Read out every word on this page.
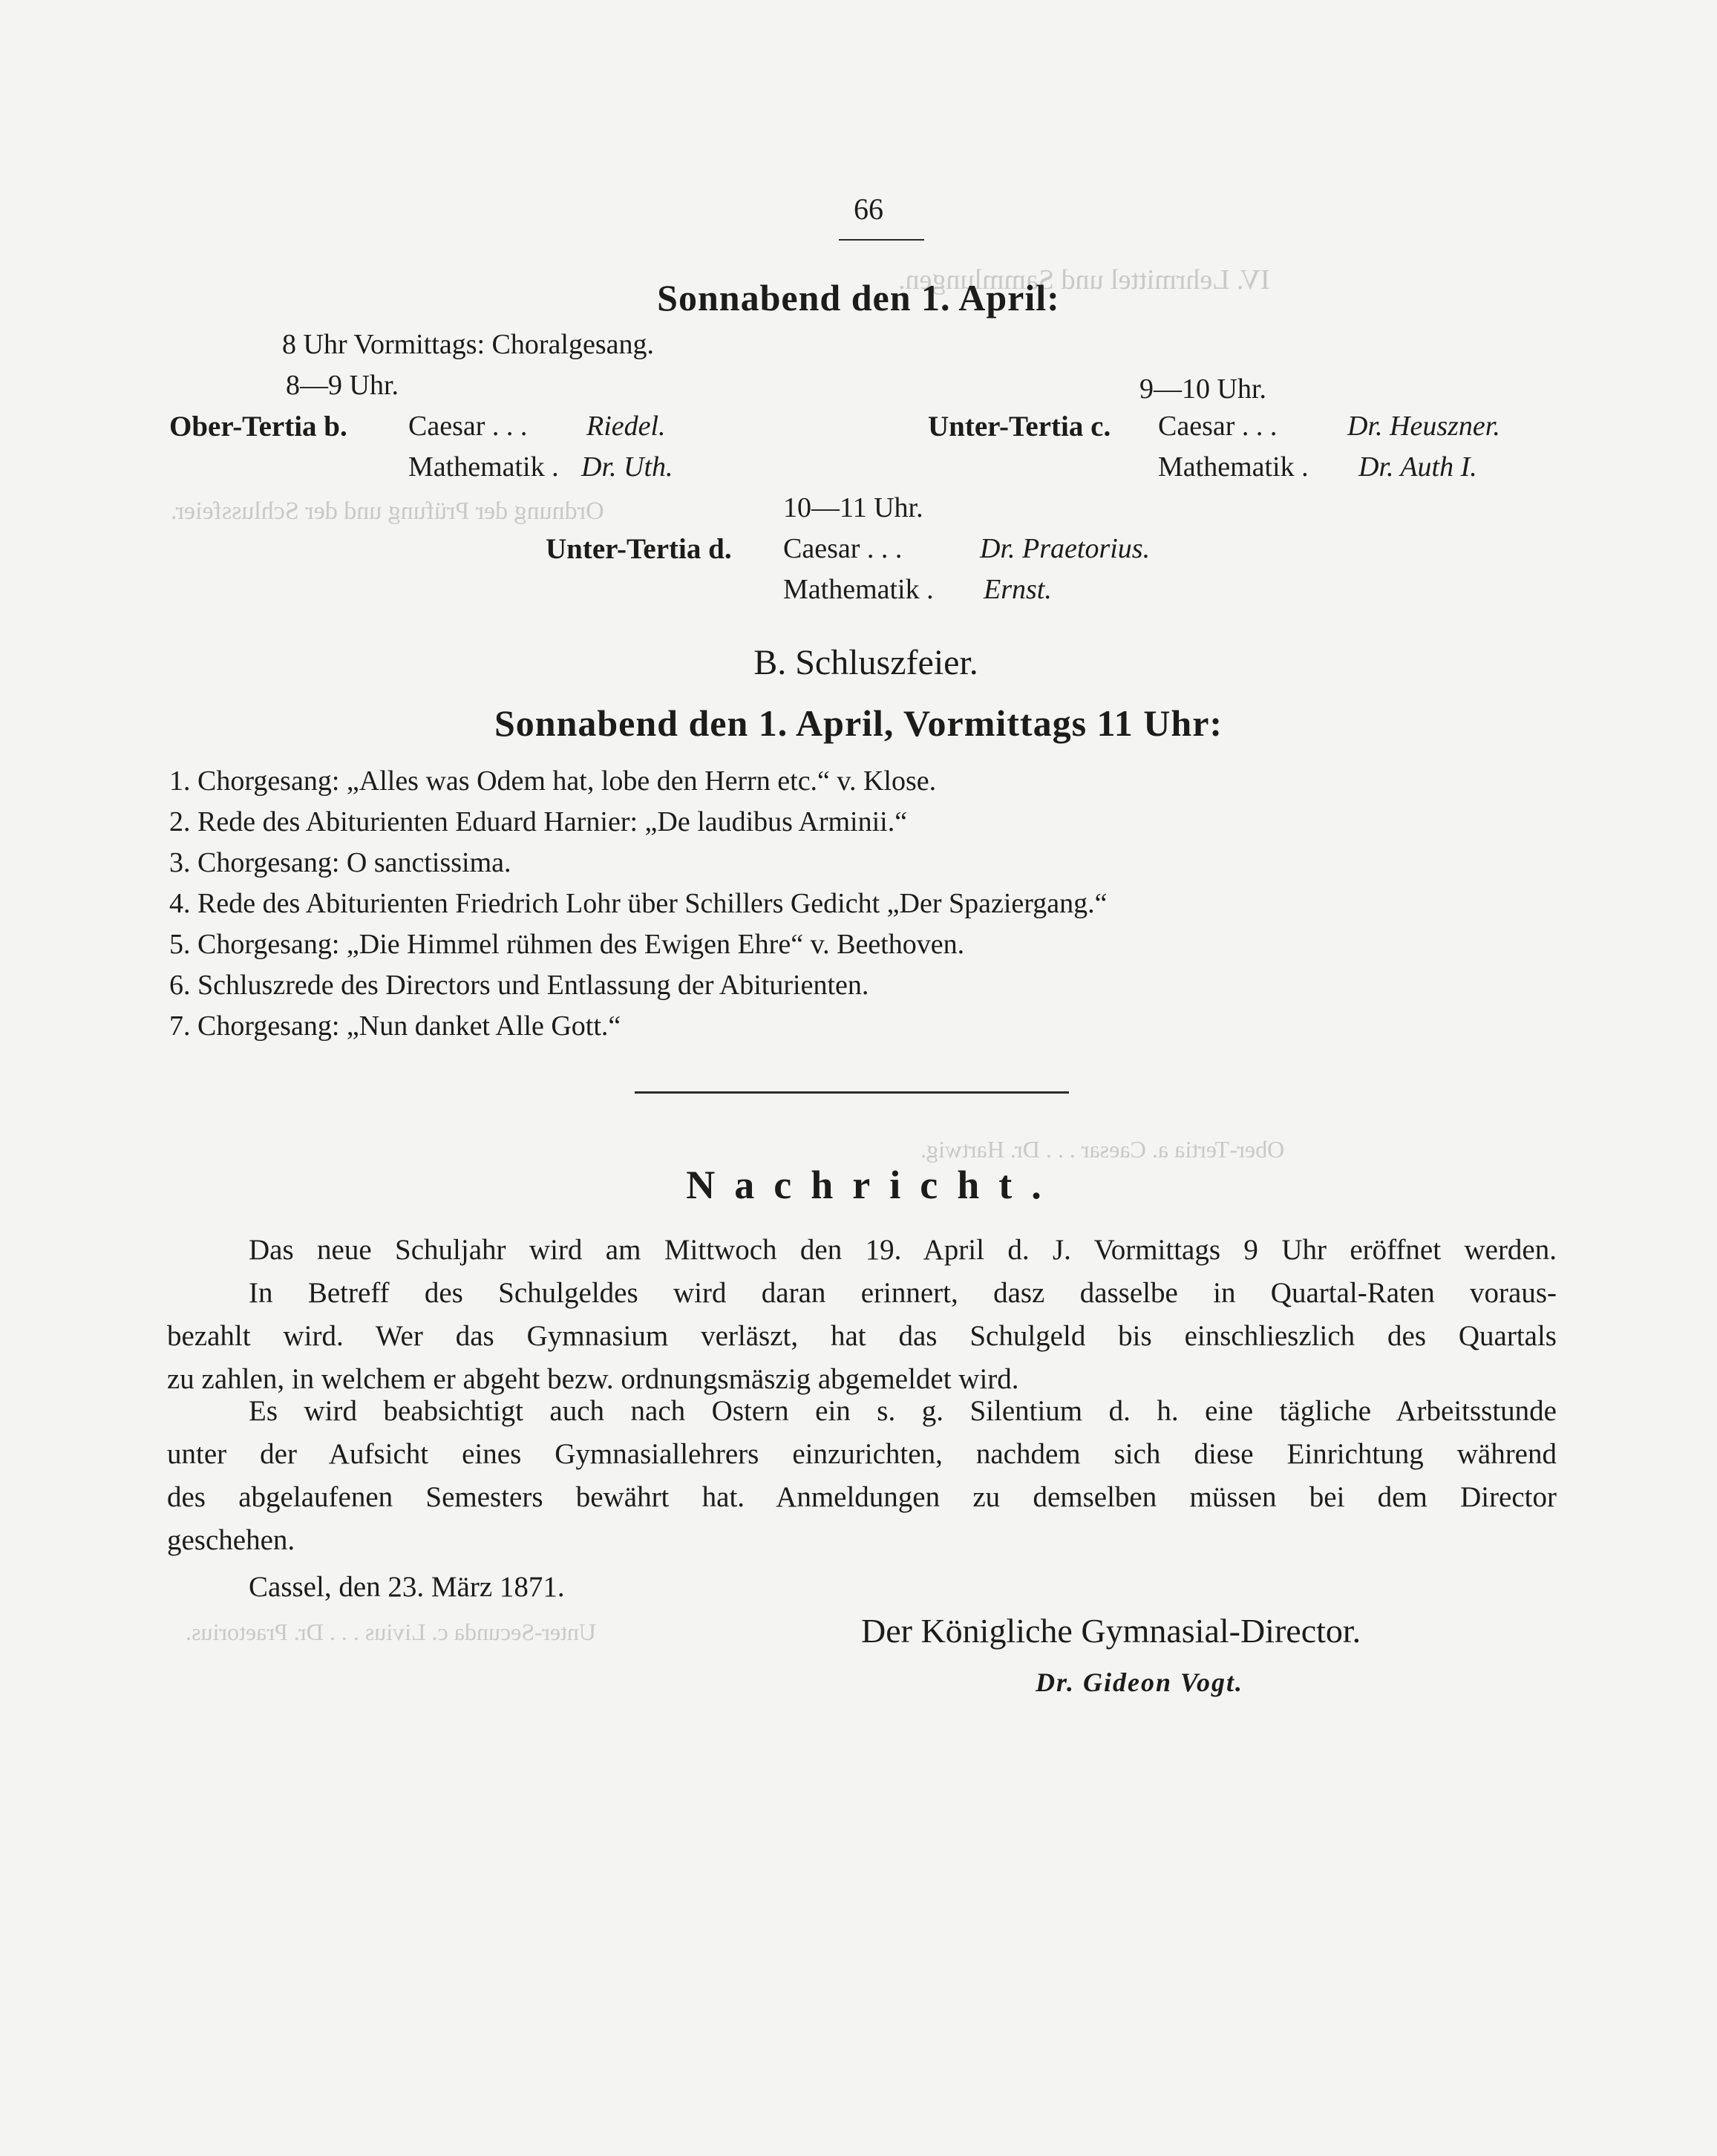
IV. Lehrmittel und Sammlungen.
Ordnung der Prüfung und der Schlussfeier.
Ober-Tertia a. Caesar . . . Dr. Hartwig.
Unter-Secunda c. Livius . . . Dr. Praetorius.
66
Sonnabend den 1. April:
8 Uhr Vormittags: Choralgesang.
8—9 Uhr.
Ober-Tertia b. Caesar . . . Riedel.
Mathematik . Dr. Uth.
9—10 Uhr.
Unter-Tertia c. Caesar . . . Dr. Heuszner.
Mathematik . Dr. Auth I.
10—11 Uhr.
Unter-Tertia d. Caesar . . .	Dr. Praetorius.
Mathematik . Ernst.
B. Schluszfeier.
Sonnabend den 1. April, Vormittags 11 Uhr:
1. Chorgesang: „Alles was Odem hat, lobe den Herrn etc.“ v. Klose.
2. Rede des Abiturienten Eduard Harnier: „De laudibus Arminii.“
3. Chorgesang: O sanctissima.
4. Rede des Abiturienten Friedrich Lohr über Schillers Gedicht „Der Spaziergang.“
5. Chorgesang: „Die Himmel rühmen des Ewigen Ehre“ v. Beethoven.
6. Schluszrede des Directors und Entlassung der Abiturienten.
7. Chorgesang: „Nun danket Alle Gott.“
Nachricht.
Das neue Schuljahr wird am Mittwoch den 19. April d. J. Vormittags 9 Uhr eröffnet werden.
In Betreff des Schulgeldes wird daran erinnert, dasz dasselbe in Quartal-Raten voraus-
bezahlt wird. Wer das Gymnasium verläszt, hat das Schulgeld bis einschlieszlich des Quartals
zu zahlen, in welchem er abgeht bezw. ordnungsmäszig abgemeldet wird.
Es wird beabsichtigt auch nach Ostern ein s. g. Silentium d. h. eine tägliche Arbeitsstunde
unter der Aufsicht eines Gymnasiallehrers einzurichten, nachdem sich diese Einrichtung während
des abgelaufenen Semesters bewährt hat. Anmeldungen zu demselben müssen bei dem Director
geschehen.
Cassel, den 23. März 1871.
Der Königliche Gymnasial-Director.
Dr. Gideon Vogt.
